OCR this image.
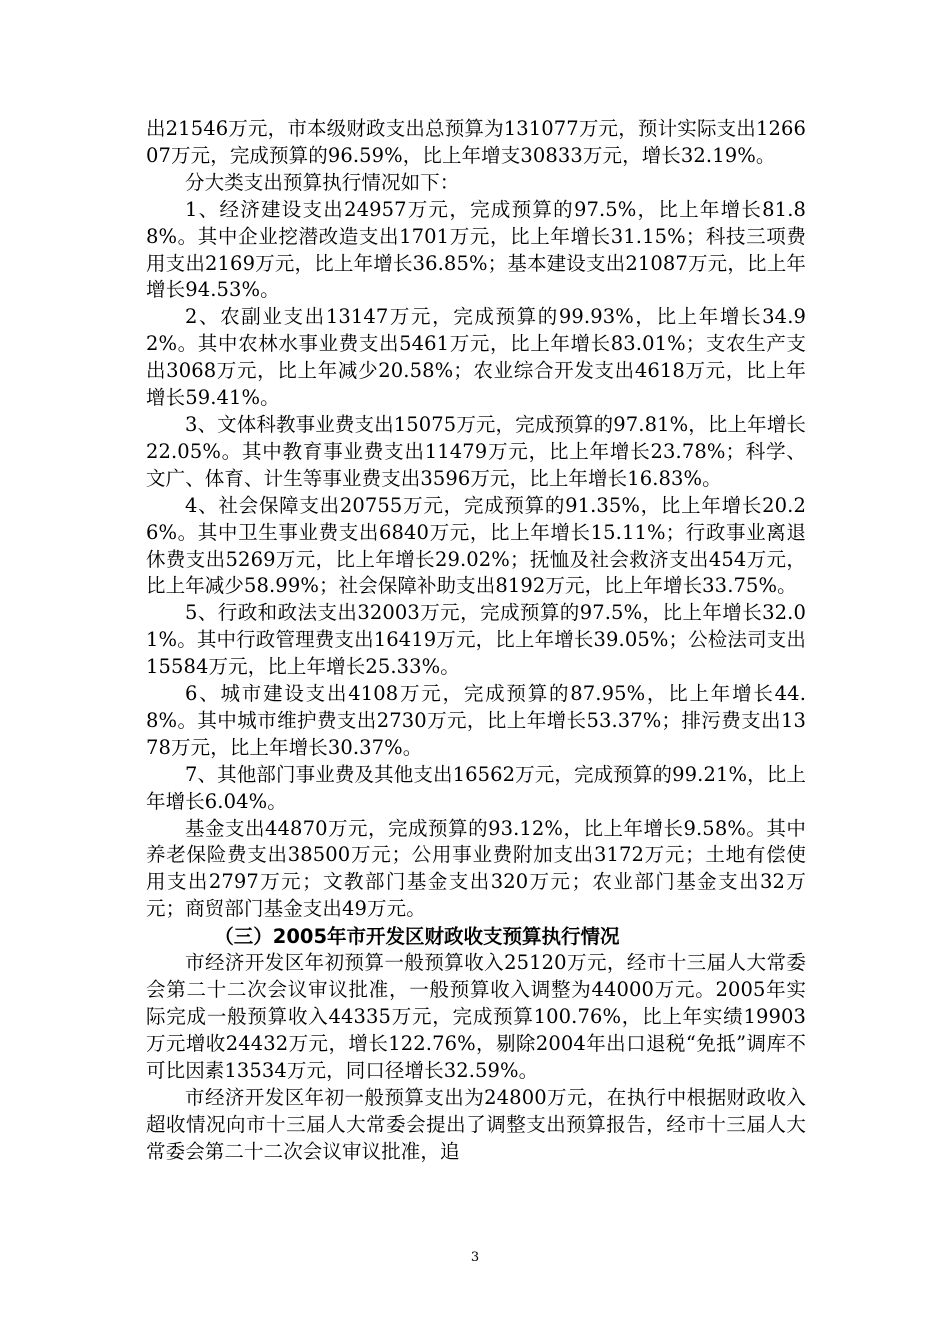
出21546万元，市本级财政支出总预算为131077万元，预计实际支出126607万元，完成预算的96.59%，比上年增支30833万元，增长32.19%。

分大类支出预算执行情况如下：

1、经济建设支出24957万元，完成预算的97.5%，比上年增长81.88%。其中企业挖潜改造支出1701万元，比上年增长31.15%；科技三项费用支出2169万元，比上年增长36.85%；基本建设支出21087万元，比上年增长94.53%。

2、农副业支出13147万元，完成预算的99.93%，比上年增长34.92%。其中农林水事业费支出5461万元，比上年增长83.01%；支农生产支出3068万元，比上年减少20.58%；农业综合开发支出4618万元，比上年增长59.41%。

3、文体科教事业费支出15075万元，完成预算的97.81%，比上年增长22.05%。其中教育事业费支出11479万元，比上年增长23.78%；科学、文广、体育、计生等事业费支出3596万元，比上年增长16.83%。

4、社会保障支出20755万元，完成预算的91.35%，比上年增长20.26%。其中卫生事业费支出6840万元，比上年增长15.11%；行政事业离退休费支出5269万元，比上年增长29.02%；抚恤及社会救济支出454万元，比上年减少58.99%；社会保障补助支出8192万元，比上年增长33.75%。

5、行政和政法支出32003万元，完成预算的97.5%，比上年增长32.01%。其中行政管理费支出16419万元，比上年增长39.05%；公检法司支出15584万元，比上年增长25.33%。

6、城市建设支出4108万元，完成预算的87.95%，比上年增长44.8%。其中城市维护费支出2730万元，比上年增长53.37%；排污费支出1378万元，比上年增长30.37%。

7、其他部门事业费及其他支出16562万元，完成预算的99.21%，比上年增长6.04%。

基金支出44870万元，完成预算的93.12%，比上年增长9.58%。其中养老保险费支出38500万元；公用事业费附加支出3172万元；土地有偿使用支出2797万元；文教部门基金支出320万元；农业部门基金支出32万元；商贸部门基金支出49万元。

（三）2005年市开发区财政收支预算执行情况

市经济开发区年初预算一般预算收入25120万元，经市十三届人大常委会第二十二次会议审议批准，一般预算收入调整为44000万元。2005年实际完成一般预算收入44335万元，完成预算100.76%，比上年实绩19903万元增收24432万元，增长122.76%，剔除2004年出口退税“免抵”调库不可比因素13534万元，同口径增长32.59%。

市经济开发区年初一般预算支出为24800万元，在执行中根据财政收入超收情况向市十三届人大常委会提出了调整支出预算报告，经市十三届人大常委会第二十二次会议审议批准，追

3
